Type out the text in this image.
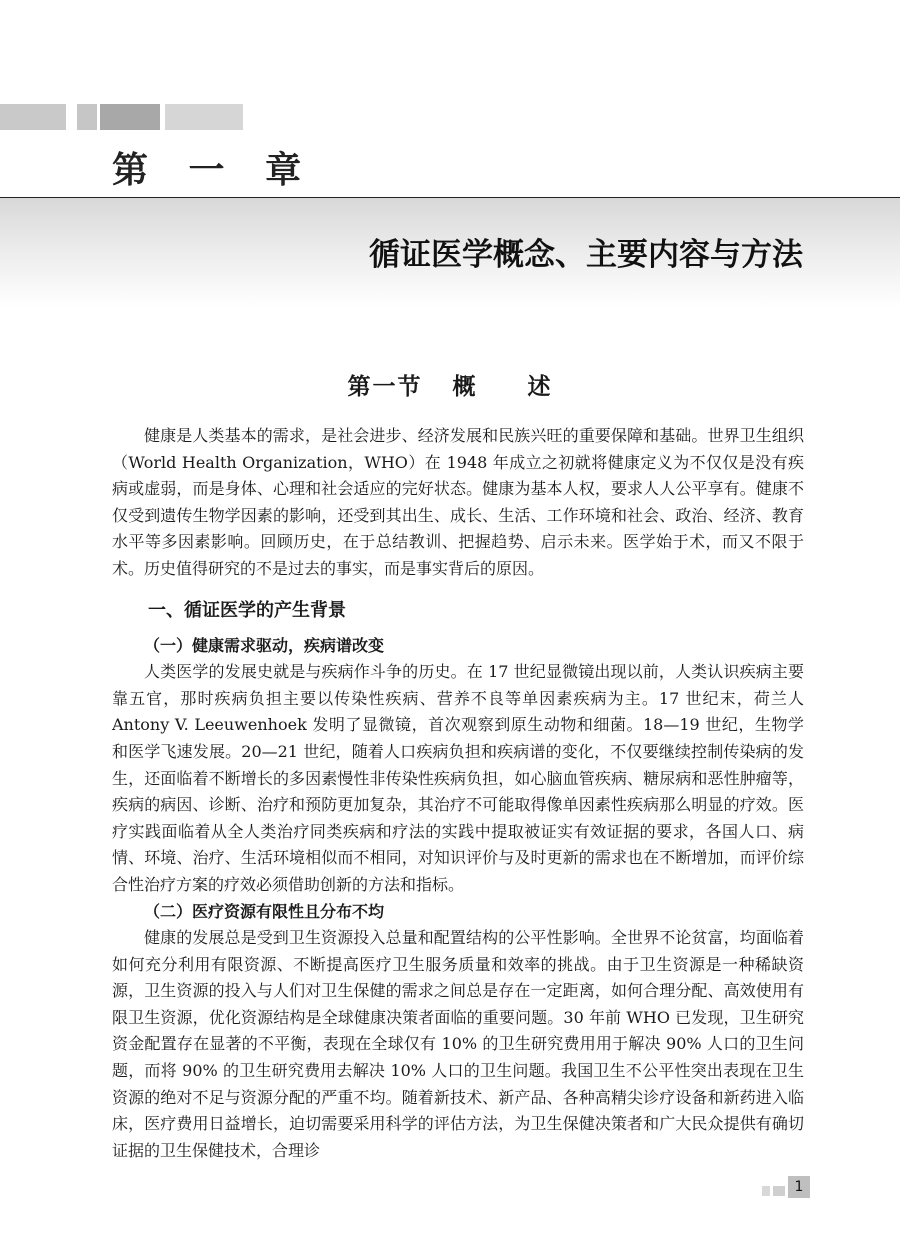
第 一 章
循证医学概念、主要内容与方法
第一节   概     述

健康是人类基本的需求，是社会进步、经济发展和民族兴旺的重要保障和基础。世界卫生组织（World Health Organization，WHO）在 1948 年成立之初就将健康定义为不仅仅是没有疾病或虚弱，而是身体、心理和社会适应的完好状态。健康为基本人权，要求人人公平享有。健康不仅受到遗传生物学因素的影响，还受到其出生、成长、生活、工作环境和社会、政治、经济、教育水平等多因素影响。回顾历史，在于总结教训、把握趋势、启示未来。医学始于术，而又不限于术。历史值得研究的不是过去的事实，而是事实背后的原因。

一、循证医学的产生背景

（一）健康需求驱动，疾病谱改变

人类医学的发展史就是与疾病作斗争的历史。在 17 世纪显微镜出现以前，人类认识疾病主要靠五官，那时疾病负担主要以传染性疾病、营养不良等单因素疾病为主。17 世纪末，荷兰人 Antony V. Leeuwenhoek 发明了显微镜，首次观察到原生动物和细菌。18—19 世纪，生物学和医学飞速发展。20—21 世纪，随着人口疾病负担和疾病谱的变化，不仅要继续控制传染病的发生，还面临着不断增长的多因素慢性非传染性疾病负担，如心脑血管疾病、糖尿病和恶性肿瘤等，疾病的病因、诊断、治疗和预防更加复杂，其治疗不可能取得像单因素性疾病那么明显的疗效。医疗实践面临着从全人类治疗同类疾病和疗法的实践中提取被证实有效证据的要求，各国人口、病情、环境、治疗、生活环境相似而不相同，对知识评价与及时更新的需求也在不断增加，而评价综合性治疗方案的疗效必须借助创新的方法和指标。

（二）医疗资源有限性且分布不均

健康的发展总是受到卫生资源投入总量和配置结构的公平性影响。全世界不论贫富，均面临着如何充分利用有限资源、不断提高医疗卫生服务质量和效率的挑战。由于卫生资源是一种稀缺资源，卫生资源的投入与人们对卫生保健的需求之间总是存在一定距离，如何合理分配、高效使用有限卫生资源，优化资源结构是全球健康决策者面临的重要问题。30 年前 WHO 已发现，卫生研究资金配置存在显著的不平衡，表现在全球仅有 10% 的卫生研究费用用于解决 90% 人口的卫生问题，而将 90% 的卫生研究费用去解决 10% 人口的卫生问题。我国卫生不公平性突出表现在卫生资源的绝对不足与资源分配的严重不均。随着新技术、新产品、各种高精尖诊疗设备和新药进入临床，医疗费用日益增长，迫切需要采用科学的评估方法，为卫生保健决策者和广大民众提供有确切证据的卫生保健技术，合理诊

1
